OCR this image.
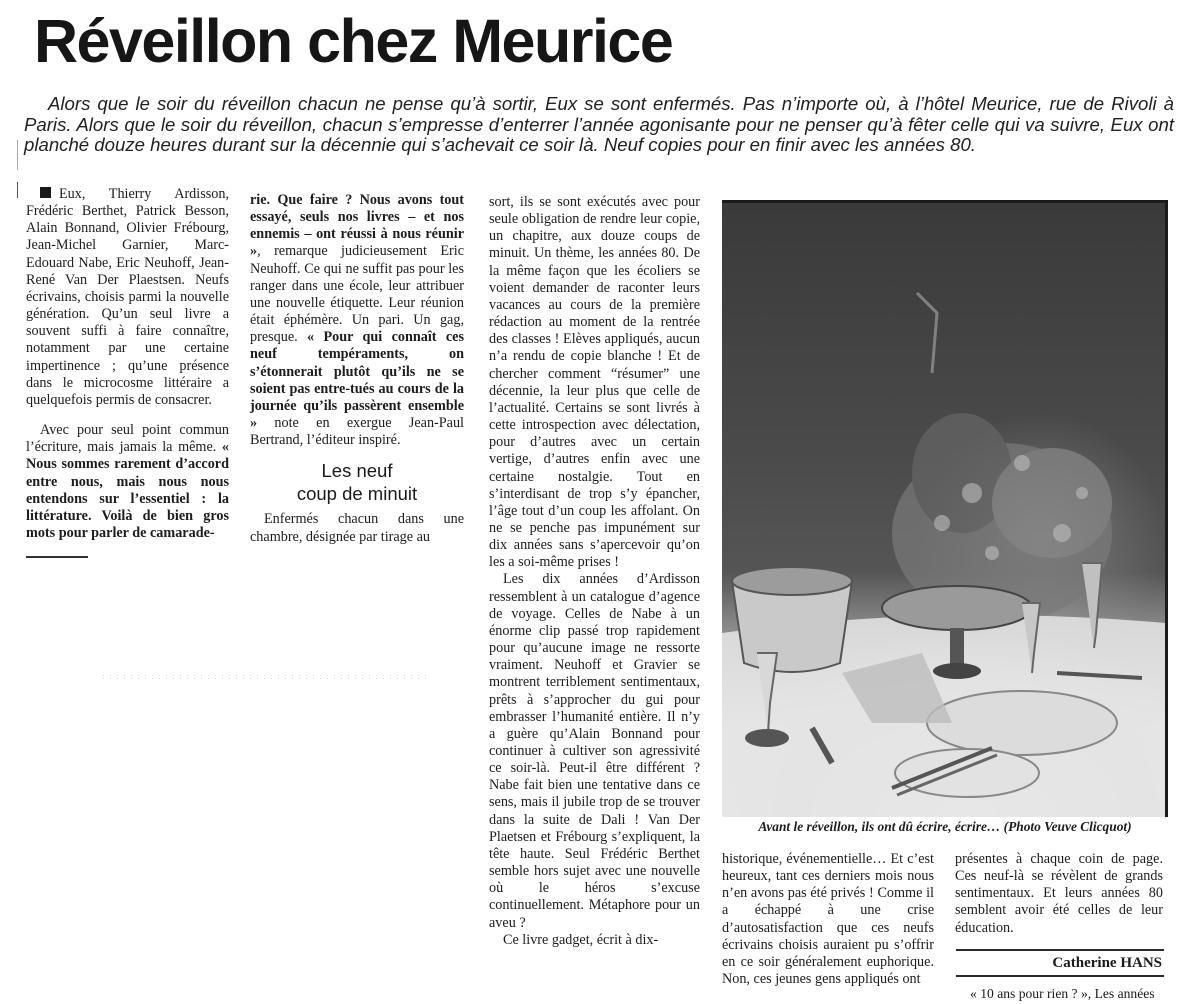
Réveillon chez Meurice

Alors que le soir du réveillon chacun ne pense qu’à sortir, Eux se sont enfermés. Pas n’importe où, à l’hôtel Meurice, rue de Rivoli à Paris. Alors que le soir du réveillon, chacun s’empresse d’enterrer l’année agonisante pour ne penser qu’à fêter celle qui va suivre, Eux ont planché douze heures durant sur la décennie qui s’achevait ce soir là. Neuf copies pour en finir avec les années 80.

Eux, Thierry Ardisson, Frédéric Berthet, Patrick Besson, Alain Bonnand, Olivier Frébourg, Jean-Michel Garnier, Marc-Edouard Nabe, Eric Neuhoff, Jean-René Van Der Plaestsen. Neufs écrivains, choisis parmi la nouvelle génération. Qu’un seul livre a souvent suffi à faire connaître, notamment par une certaine impertinence ; qu’une présence dans le microcosme littéraire a quelquefois permis de consacrer.

Avec pour seul point commun l’écriture, mais jamais la même. « Nous sommes rarement d’accord entre nous, mais nous nous entendons sur l’essentiel : la littérature. Voilà de bien gros mots pour parler de camarade-

rie. Que faire ? Nous avons tout essayé, seuls nos livres – et nos ennemis – ont réussi à nous réunir », remarque judicieusement Eric Neuhoff. Ce qui ne suffit pas pour les ranger dans une école, leur attribuer une nouvelle étiquette. Leur réunion était éphémère. Un pari. Un gag, presque. « Pour qui connaît ces neuf tempéraments, on s’étonnerait plutôt qu’ils ne se soient pas entre-tués au cours de la journée qu’ils passèrent ensemble » note en exergue Jean-Paul Bertrand, l’éditeur inspiré.

Les neuf
coup de minuit

Enfermés chacun dans une chambre, désignée par tirage au

sort, ils se sont exécutés avec pour seule obligation de rendre leur copie, un chapitre, aux douze coups de minuit. Un thème, les années 80. De la même façon que les écoliers se voient demander de raconter leurs vacances au cours de la première rédaction au moment de la rentrée des classes ! Elèves appliqués, aucun n’a rendu de copie blanche ! Et de chercher comment “résumer” une décennie, la leur plus que celle de l’actualité. Certains se sont livrés à cette introspection avec délectation, pour d’autres avec un certain vertige, d’autres enfin avec une certaine nostalgie. Tout en s’interdisant de trop s’y épancher, l’âge tout d’un coup les affolant. On ne se penche pas impunément sur dix années sans s’apercevoir qu’on les a soi-même prises !

Les dix années d’Ardisson ressemblent à un catalogue d’agence de voyage. Celles de Nabe à un énorme clip passé trop rapidement pour qu’aucune image ne ressorte vraiment. Neuhoff et Gravier se montrent terriblement sentimentaux, prêts à s’approcher du gui pour embrasser l’humanité entière. Il n’y a guère qu’Alain Bonnand pour continuer à cultiver son agressivité ce soir-là. Peut-il être différent ? Nabe fait bien une tentative dans ce sens, mais il jubile trop de se trouver dans la suite de Dali ! Van Der Plaetsen et Frébourg s’expliquent, la tête haute. Seul Frédéric Berthet semble hors sujet avec une nouvelle où le héros s’excuse continuellement. Métaphore pour un aveu ?

Ce livre gadget, écrit à dix-

Avant le réveillon, ils ont dû écrire, écrire… (Photo Veuve Clicquot)

historique, événementielle… Et c’est heureux, tant ces derniers mois nous n’en avons pas été privés ! Comme il a échappé à une crise d’autosatisfaction que ces neufs écrivains choisis auraient pu s’offrir en ce soir généralement euphorique. Non, ces jeunes gens appliqués ont

présentes à chaque coin de page. Ces neuf-là se révèlent de grands sentimentaux. Et leurs années 80 semblent avoir été celles de leur éducation.

Catherine HANS
« 10 ans pour rien ? », Les années
